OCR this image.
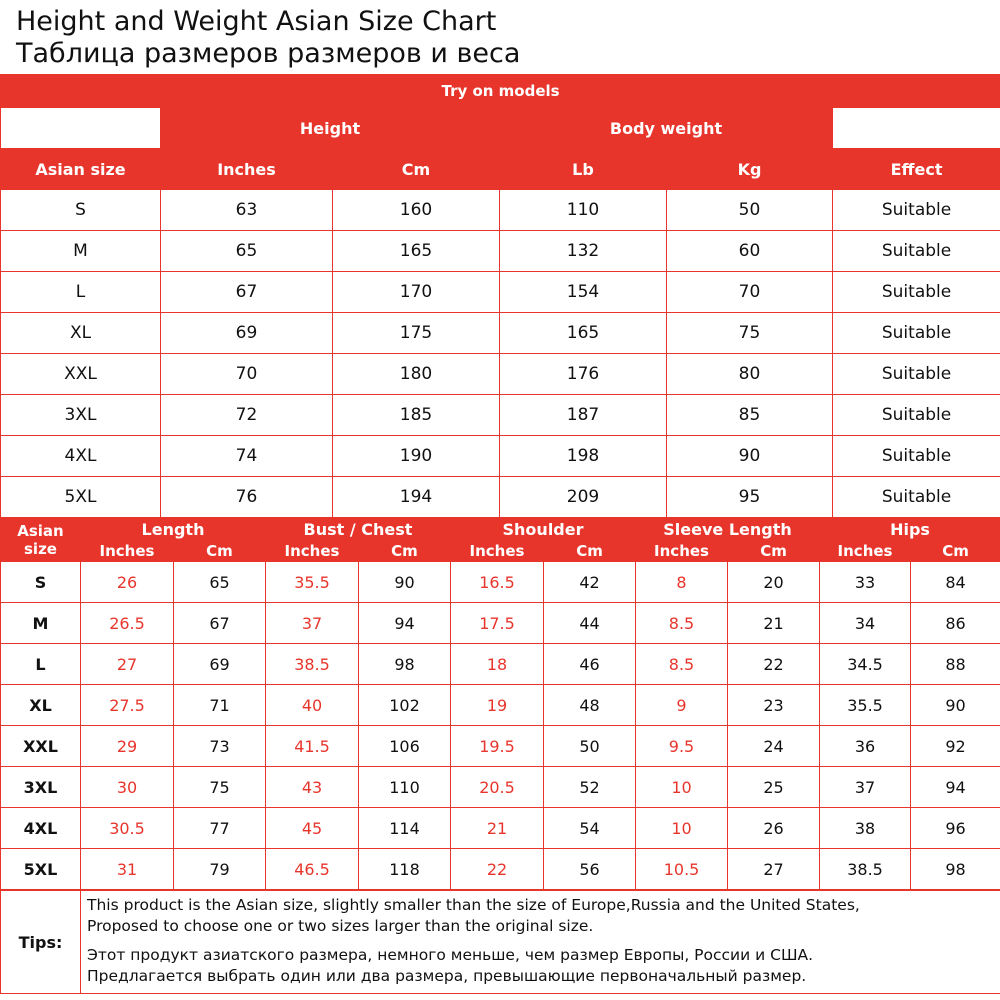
Height and Weight Asian Size Chart
Таблица размеров размеров и веса
Try on models					
	Height		Body weight		
Asian size	Inches	Cm	Lb	Kg	Effect
S	63	160	110	50	Suitable
M	65	165	132	60	Suitable
L	67	170	154	70	Suitable
XL	69	175	165	75	Suitable
XXL	70	180	176	80	Suitable
3XL	72	185	187	85	Suitable
4XL	74	190	198	90	Suitable
5XL	76	194	209	95	Suitable
Asian size	Length		Bust / Chest		Shoulder		Sleeve Length		Hips	
	Inches	Cm	Inches	Cm	Inches	Cm	Inches	Cm	Inches	Cm
S	26	65	35.5	90	16.5	42	8	20	33	84
M	26.5	67	37	94	17.5	44	8.5	21	34	86
L	27	69	38.5	98	18	46	8.5	22	34.5	88
XL	27.5	71	40	102	19	48	9	23	35.5	90
XXL	29	73	41.5	106	19.5	50	9.5	24	36	92
3XL	30	75	43	110	20.5	52	10	25	37	94
4XL	30.5	77	45	114	21	54	10	26	38	96
5XL	31	79	46.5	118	22	56	10.5	27	38.5	98
Tips:	
This product is the Asian size, slightly smaller than the size of Europe,Russia and the United States,
Proposed to choose one or two sizes larger than the original size.
Этот продукт азиатского размера, немного меньше, чем размер Европы, России и США.
Предлагается выбрать один или два размера, превышающие первоначальный размер.
